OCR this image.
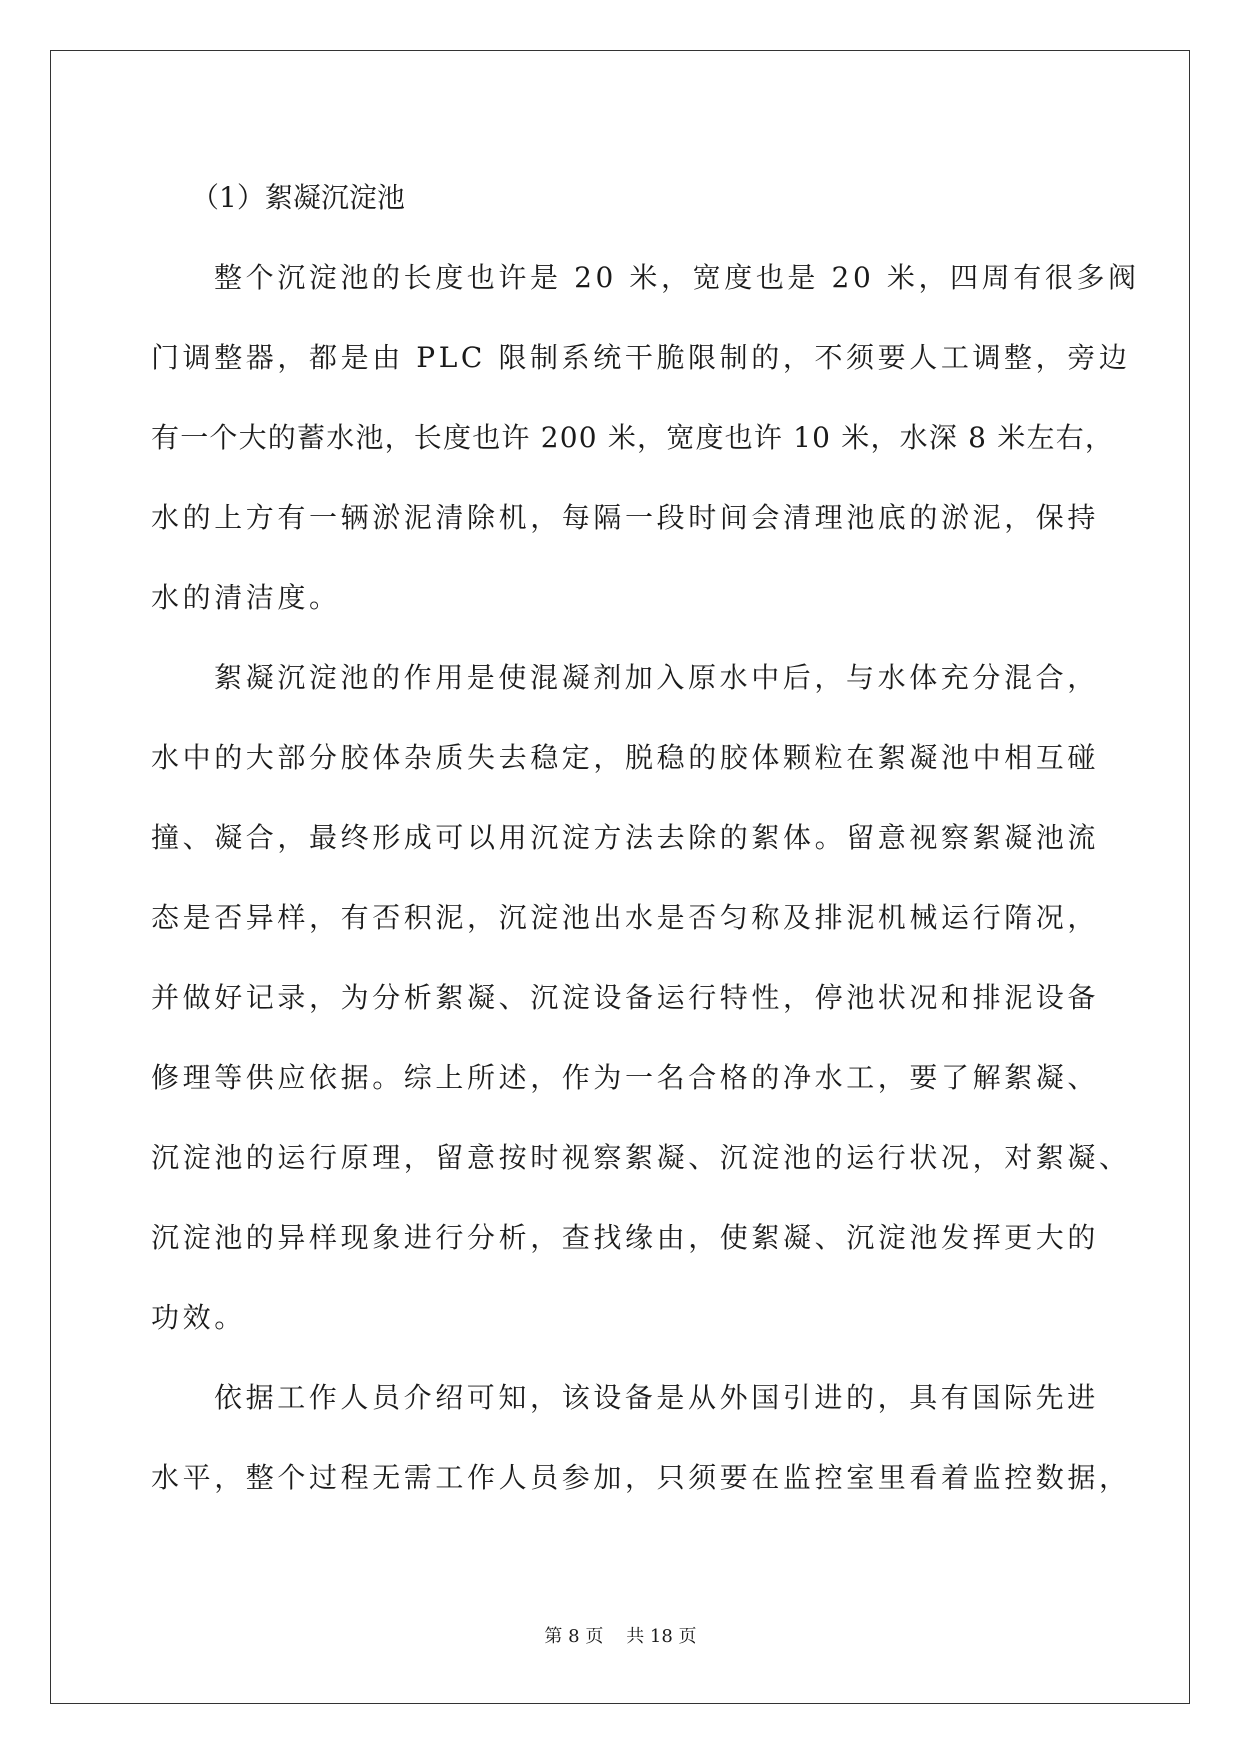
（1）絮凝沉淀池
整个沉淀池的长度也许是 20 米，宽度也是 20 米，四周有很多阀
门调整器，都是由 PLC 限制系统干脆限制的，不须要人工调整，旁边
有一个大的蓄水池，长度也许 200 米，宽度也许 10 米，水深 8 米左右，
水的上方有一辆淤泥清除机，每隔一段时间会清理池底的淤泥，保持
水的清洁度。
絮凝沉淀池的作用是使混凝剂加入原水中后，与水体充分混合，
水中的大部分胶体杂质失去稳定，脱稳的胶体颗粒在絮凝池中相互碰
撞、凝合，最终形成可以用沉淀方法去除的絮体。留意视察絮凝池流
态是否异样，有否积泥，沉淀池出水是否匀称及排泥机械运行隋况，
并做好记录，为分析絮凝、沉淀设备运行特性，停池状况和排泥设备
修理等供应依据。综上所述，作为一名合格的净水工，要了解絮凝、
沉淀池的运行原理，留意按时视察絮凝、沉淀池的运行状况，对絮凝、
沉淀池的异样现象进行分析，查找缘由，使絮凝、沉淀池发挥更大的
功效。
依据工作人员介绍可知，该设备是从外国引进的，具有国际先进
水平，整个过程无需工作人员参加，只须要在监控室里看着监控数据，
第 8 页    共 18 页
